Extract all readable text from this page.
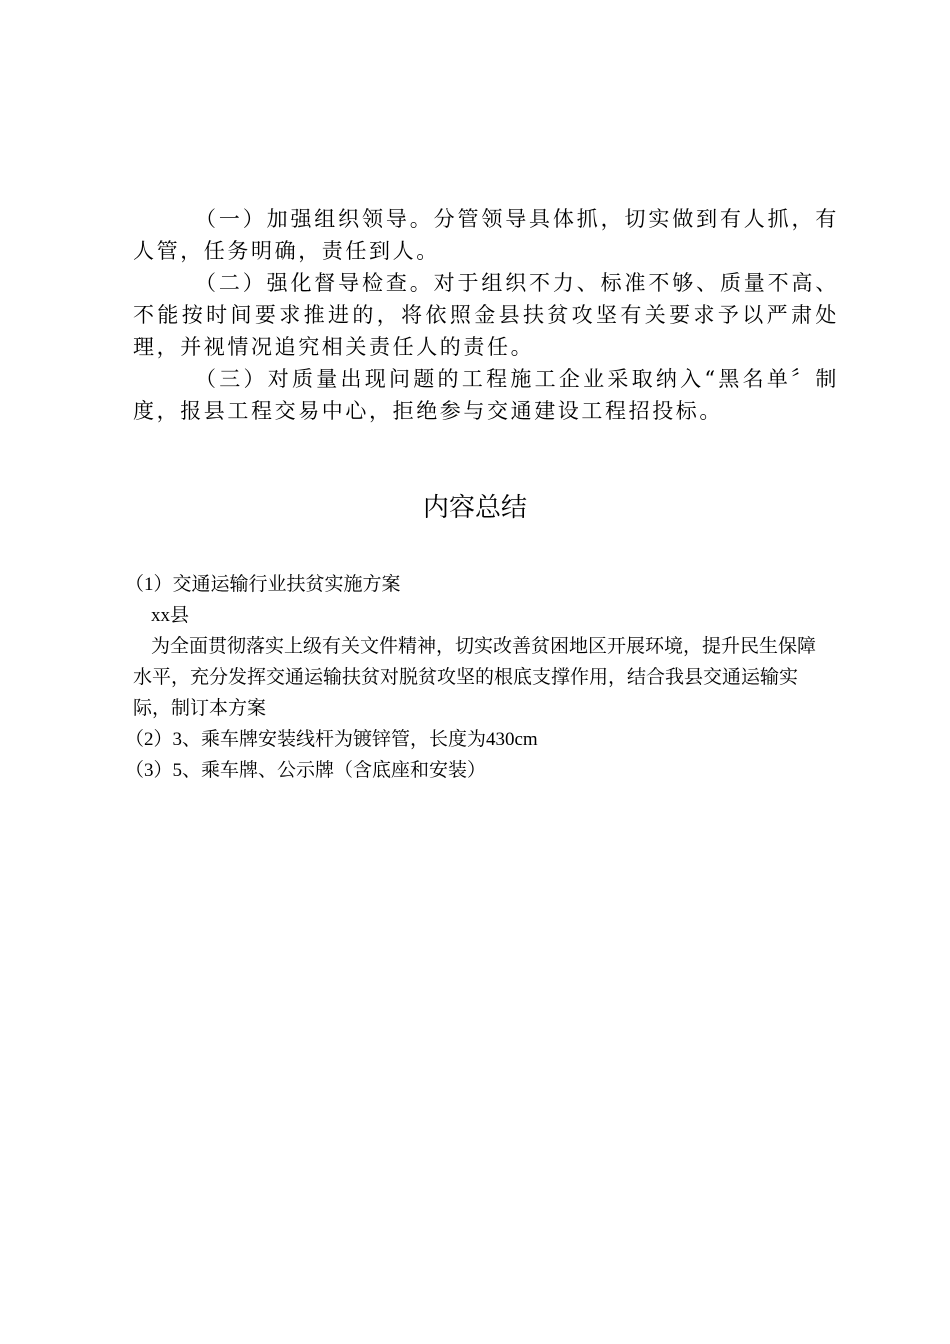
（一）加强组织领导。分管领导具体抓，切实做到有人抓，有人管，任务明确，责任到人。

（二）强化督导检查。对于组织不力、标准不够、质量不高、不能按时间要求推进的，将依照金县扶贫攻坚有关要求予以严肃处理，并视情况追究相关责任人的责任。

（三）对质量出现问题的工程施工企业采取纳入“黑名单〞制度，报县工程交易中心，拒绝参与交通建设工程招投标。

内容总结

（1）交通运输行业扶贫实施方案

xx县

为全面贯彻落实上级有关文件精神，切实改善贫困地区开展环境，提升民生保障水平，充分发挥交通运输扶贫对脱贫攻坚的根底支撑作用，结合我县交通运输实际，制订本方案

（2）3、乘车牌安装线杆为镀锌管，长度为430cm

（3）5、乘车牌、公示牌（含底座和安装）
